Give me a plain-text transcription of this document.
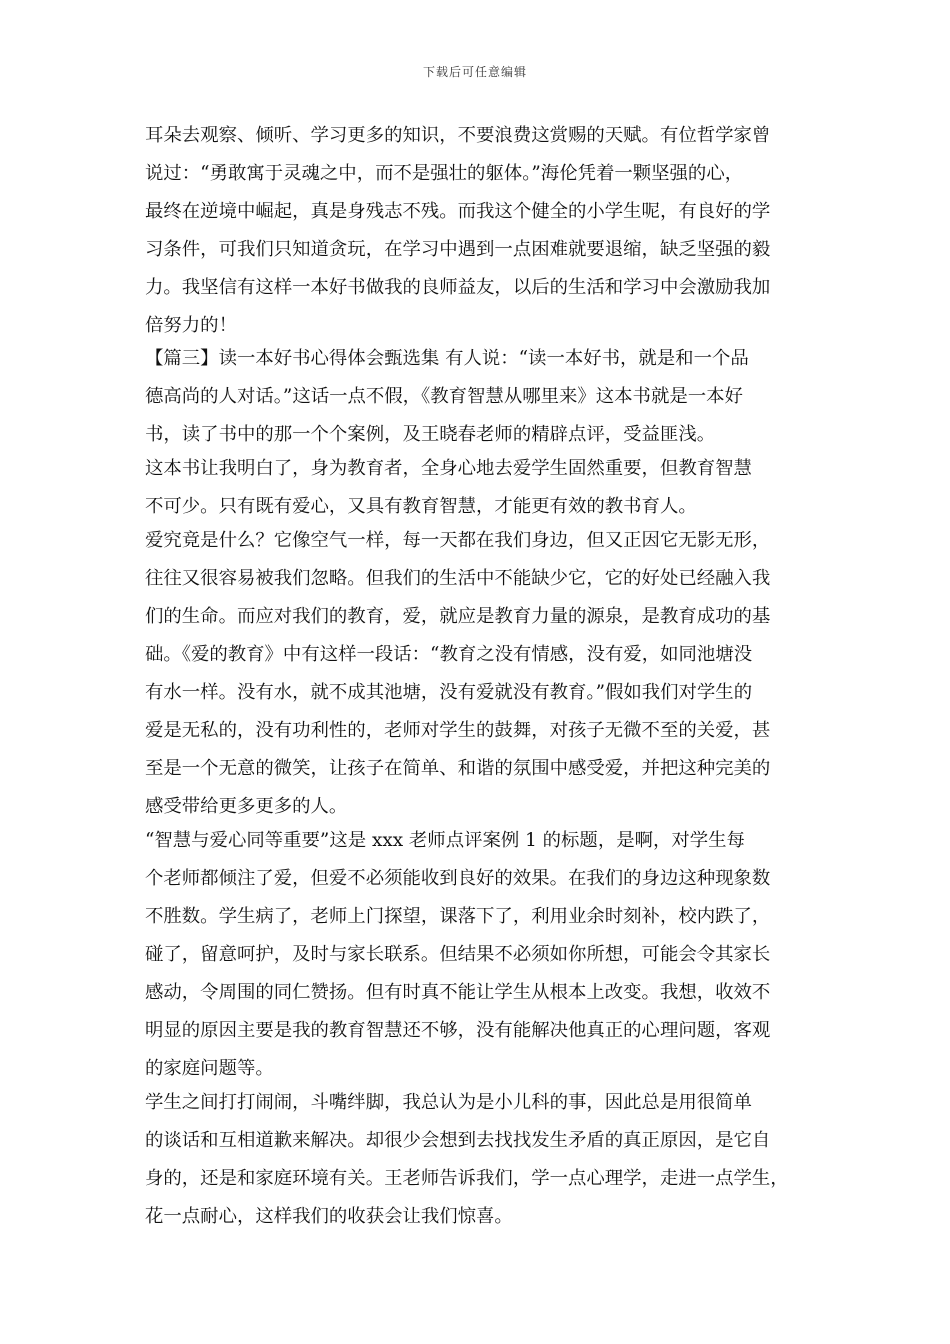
下载后可任意编辑
耳朵去观察、倾听、学习更多的知识，不要浪费这赏赐的天赋。有位哲学家曾
说过：“勇敢寓于灵魂之中，而不是强壮的躯体。”海伦凭着一颗坚强的心，
最终在逆境中崛起，真是身残志不残。而我这个健全的小学生呢，有良好的学
习条件，可我们只知道贪玩，在学习中遇到一点困难就要退缩，缺乏坚强的毅
力。我坚信有这样一本好书做我的良师益友，以后的生活和学习中会激励我加
倍努力的！
【篇三】读一本好书心得体会甄选集 有人说：“读一本好书，就是和一个品
德高尚的人对话。”这话一点不假，《教育智慧从哪里来》这本书就是一本好
书，读了书中的那一个个案例，及王晓春老师的精辟点评，受益匪浅。
这本书让我明白了，身为教育者，全身心地去爱学生固然重要，但教育智慧
不可少。只有既有爱心，又具有教育智慧，才能更有效的教书育人。
爱究竟是什么？它像空气一样，每一天都在我们身边，但又正因它无影无形，
往往又很容易被我们忽略。但我们的生活中不能缺少它，它的好处已经融入我
们的生命。而应对我们的教育，爱，就应是教育力量的源泉，是教育成功的基
础。《爱的教育》中有这样一段话：“教育之没有情感，没有爱，如同池塘没
有水一样。没有水，就不成其池塘，没有爱就没有教育。”假如我们对学生的
爱是无私的，没有功利性的，老师对学生的鼓舞，对孩子无微不至的关爱，甚
至是一个无意的微笑，让孩子在简单、和谐的氛围中感受爱，并把这种完美的
感受带给更多更多的人。
“智慧与爱心同等重要”这是 xxx 老师点评案例 1 的标题，是啊，对学生每
个老师都倾注了爱，但爱不必须能收到良好的效果。在我们的身边这种现象数
不胜数。学生病了，老师上门探望，课落下了，利用业余时刻补，校内跌了，
碰了，留意呵护，及时与家长联系。但结果不必须如你所想，可能会令其家长
感动，令周围的同仁赞扬。但有时真不能让学生从根本上改变。我想，收效不
明显的原因主要是我的教育智慧还不够，没有能解决他真正的心理问题，客观
的家庭问题等。
学生之间打打闹闹，斗嘴绊脚，我总认为是小儿科的事，因此总是用很简单
的谈话和互相道歉来解决。却很少会想到去找找发生矛盾的真正原因，是它自
身的，还是和家庭环境有关。王老师告诉我们，学一点心理学，走进一点学生，
花一点耐心，这样我们的收获会让我们惊喜。
